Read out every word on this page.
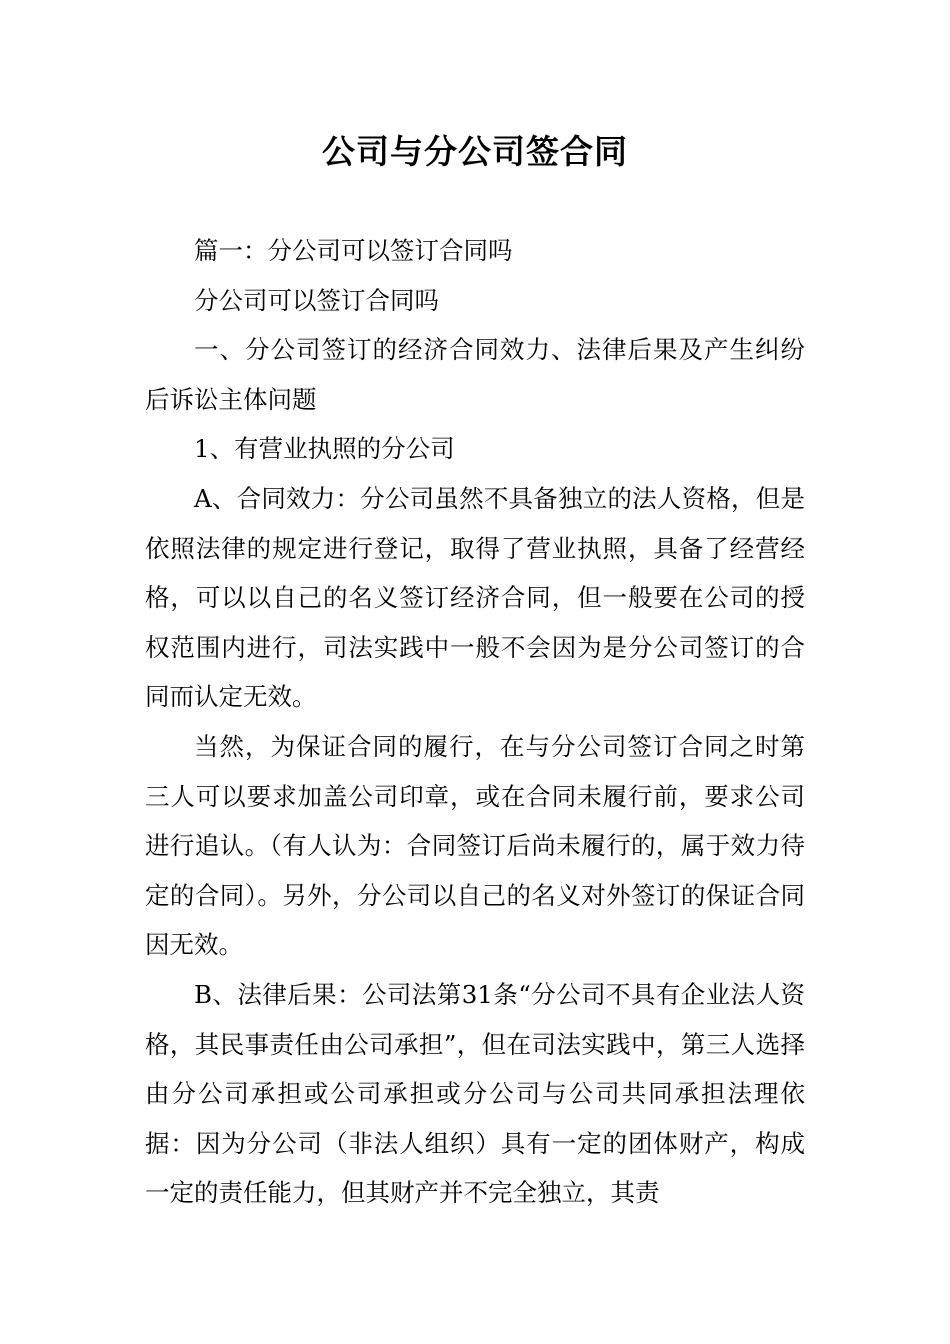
公司与分公司签合同

篇一：分公司可以签订合同吗

分公司可以签订合同吗

一、分公司签订的经济合同效力、法律后果及产生纠纷后诉讼主体问题

1、有营业执照的分公司

A、合同效力：分公司虽然不具备独立的法人资格，但是依照法律的规定进行登记，取得了营业执照，具备了经营经格，可以以自己的名义签订经济合同，但一般要在公司的授权范围内进行，司法实践中一般不会因为是分公司签订的合同而认定无效。

当然，为保证合同的履行，在与分公司签订合同之时第三人可以要求加盖公司印章，或在合同未履行前，要求公司进行追认。（有人认为：合同签订后尚未履行的，属于效力待定的合同）。另外，分公司以自己的名义对外签订的保证合同因无效。

B、法律后果：公司法第31条“分公司不具有企业法人资格，其民事责任由公司承担”，但在司法实践中，第三人选择由分公司承担或公司承担或分公司与公司共同承担法理依据：因为分公司（非法人组织）具有一定的团体财产，构成一定的责任能力，但其财产并不完全独立，其责
